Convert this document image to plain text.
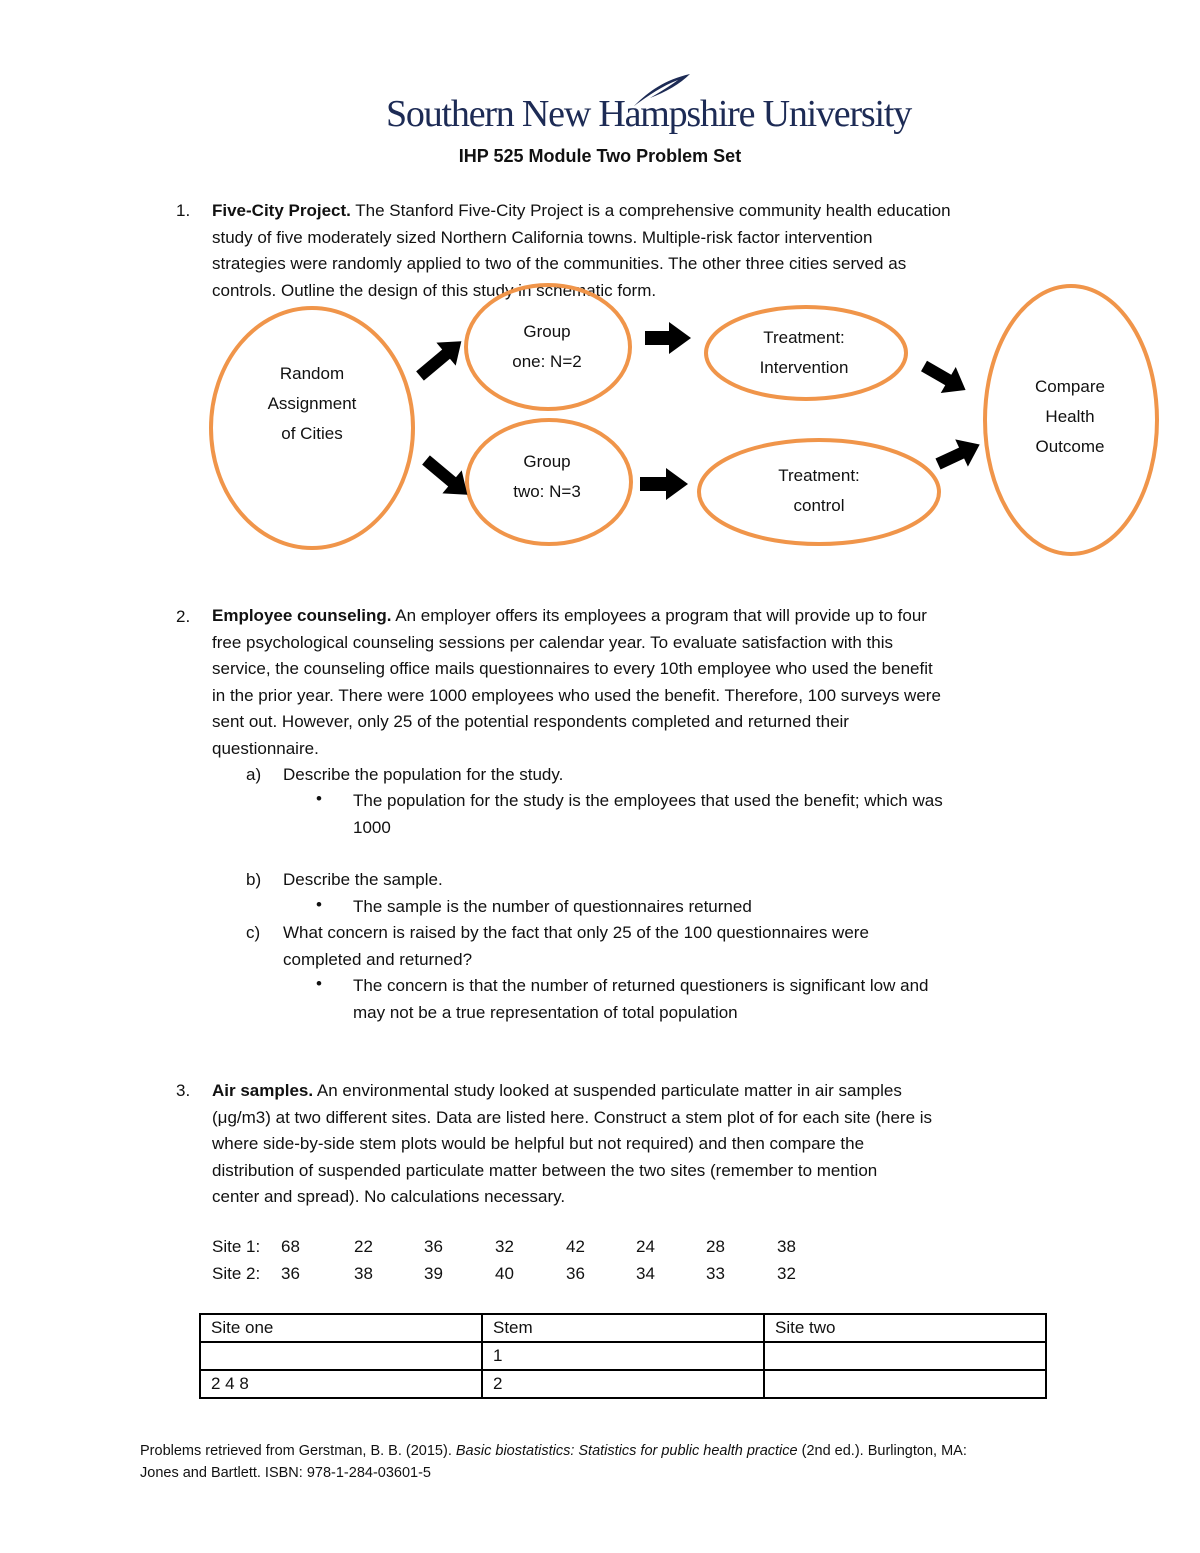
Southern New Hampshire University
IHP 525 Module Two Problem Set
1. Five-City Project. The Stanford Five-City Project is a comprehensive community health education
study of five moderately sized Northern California towns. Multiple-risk factor intervention
strategies were randomly applied to two of the communities. The other three cities served as
controls. Outline the design of this study in schematic form.
Random
Assignment
of Cities
Group
one: N=2
Group
two: N=3
Treatment:
Intervention
Treatment:
control
Compare
Health
Outcome
2. Employee counseling. An employer offers its employees a program that will provide up to four
free psychological counseling sessions per calendar year. To evaluate satisfaction with this
service, the counseling office mails questionnaires to every 10th employee who used the benefit
in the prior year. There were 1000 employees who used the benefit. Therefore, 100 surveys were
sent out. However, only 25 of the potential respondents completed and returned their
questionnaire.
a) Describe the population for the study.
• The population for the study is the employees that used the benefit; which was
1000
b) Describe the sample.
• The sample is the number of questionnaires returned
c) What concern is raised by the fact that only 25 of the 100 questionnaires were
completed and returned?
• The concern is that the number of returned questioners is significant low and
may not be a true representation of total population
3. Air samples. An environmental study looked at suspended particulate matter in air samples
(μg/m3) at two different sites. Data are listed here. Construct a stem plot of for each site (here is
where side-by-side stem plots would be helpful but not required) and then compare the
distribution of suspended particulate matter between the two sites (remember to mention
center and spread). No calculations necessary.
Site 1: 68	22	36	32	42	24	28	38
Site 2: 36	38	39	40	36	34	33	32
Site one	Stem	Site two
	1	
2 4 8	2	
Problems retrieved from Gerstman, B. B. (2015). Basic biostatistics: Statistics for public health practice (2nd ed.). Burlington, MA:
Jones and Bartlett. ISBN: 978-1-284-03601-5
